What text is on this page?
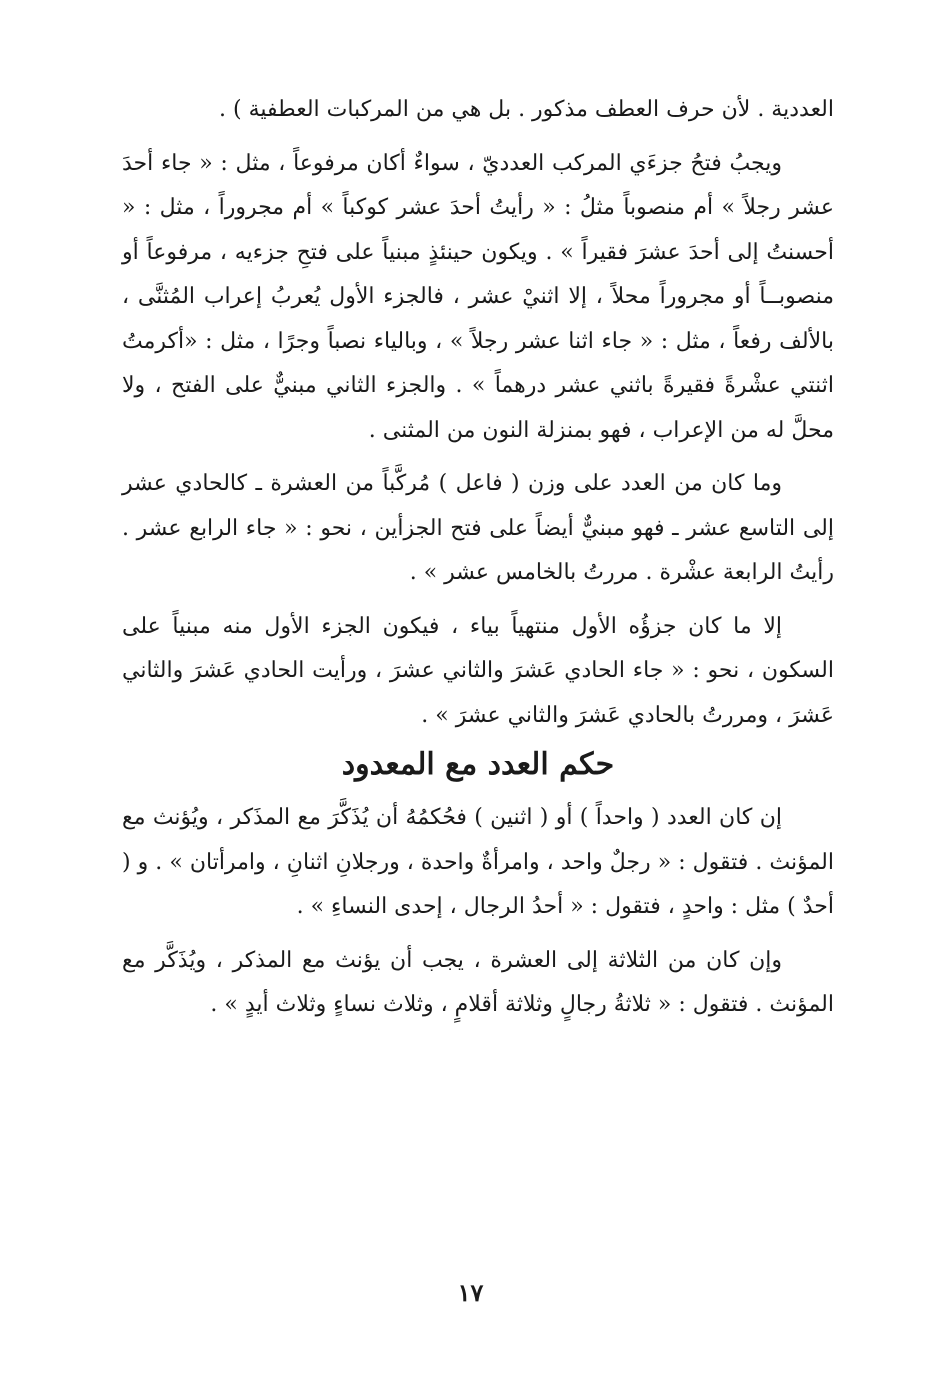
العددية . لأن حرف العطف مذكور . بل هي من المركبات العطفية ) .

ويجبُ فتحُ جزءَي المركب العدديّ ، سواءٌ أكان مرفوعاً ، مثل : « جاء أحدَ عشر رجلاً » أم منصوباً مثلُ : « رأيتُ أحدَ عشر كوكباً » أم مجروراً ، مثل : « أحسنتُ إلى أحدَ عشرَ فقيراً » . ويكون حينئذٍ مبنياً على فتحِ جزءيه ، مرفوعاً أو منصوبــاً أو مجروراً محلاً ، إلا اثنيْ عشر ، فالجزء الأول يُعربُ إعراب المُثنَّى ، بالألف رفعاً ، مثل : « جاء اثنا عشر رجلاً » ، وبالياء نصباً وجرًا ، مثل : «أكرمتُ اثنتي عشْرةً فقيرةً باثني عشر درهماً » . والجزء الثاني مبنيٌّ على الفتح ، ولا محلَّ له من الإعراب ، فهو بمنزلة النون من المثنى .

وما كان من العدد على وزن ( فاعل ) مُركَّباً من العشرة ـ كالحادي عشر إلى التاسع عشر ـ فهو مبنيٌّ أيضاً على فتح الجزأين ، نحو : « جاء الرابع عشر . رأيتُ الرابعة عشْرة . مررتُ بالخامس عشر » .

إلا ما كان جزؤُه الأول منتهياً بياء ، فيكون الجزء الأول منه مبنياً على السكون ، نحو : « جاء الحادي عَشرَ والثاني عشرَ ، ورأيت الحادي عَشرَ والثاني عَشرَ ، ومررتُ بالحادي عَشرَ والثاني عشرَ » .

حكم العدد مع المعدود

إن كان العدد ( واحداً ) أو ( اثنين ) فحُكمُهُ أن يُذَكَّرَ مع المذَكر ، ويُؤنث مع المؤنث . فتقول : « رجلٌ واحد ، وامرأةٌ واحدة ، ورجلانِ اثنانِ ، وامرأتان » . و ( أحدٌ ) مثل : واحدٍ ، فتقول : « أحدُ الرجال ، إحدى النساءِ » .

وإن كان من الثلاثة إلى العشرة ، يجب أن يؤنث مع المذكر ، ويُذَكَّر مع المؤنث . فتقول : « ثلاثةُ رجالٍ وثلاثة أقلامٍ ، وثلاث نساءٍ وثلاث أيدٍ » .

١٧
